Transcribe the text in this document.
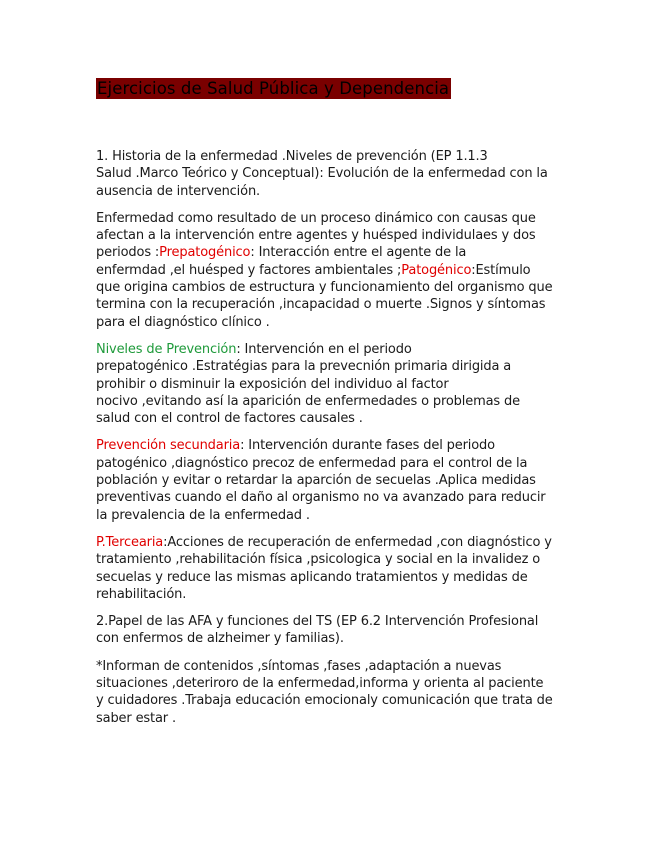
Ejercicios de Salud Pública y Dependencia
1. Historia de la enfermedad .Niveles de prevención (EP 1.1.3
Salud .Marco Teórico y Conceptual): Evolución de la enfermedad con la
ausencia de intervención.
Enfermedad como resultado de un proceso dinámico con causas que
afectan a la intervención entre agentes y huésped individulaes y dos
periodos :Prepatogénico: Interacción entre el agente de la
enfermdad ,el huésped y factores ambientales ;Patogénico:Estímulo
que origina cambios de estructura y funcionamiento del organismo que
termina con la recuperación ,incapacidad o muerte .Signos y síntomas
para el diagnóstico clínico .
Niveles de Prevención: Intervención en el periodo
prepatogénico .Estratégias para la prevecnión primaria dirigida a
prohibir o disminuir la exposición del individuo al factor
nocivo ,evitando así la aparición de enfermedades o problemas de
salud con el control de factores causales .
Prevención secundaria: Intervención durante fases del periodo
patogénico ,diagnóstico precoz de enfermedad para el control de la
población y evitar o retardar la aparción de secuelas .Aplica medidas
preventivas cuando el daño al organismo no va avanzado para reducir
la prevalencia de la enfermedad .
P.Tercearia:Acciones de recuperación de enfermedad ,con diagnóstico y
tratamiento ,rehabilitación física ,psicologica y social en la invalidez o
secuelas y reduce las mismas aplicando tratamientos y medidas de
rehabilitación.
2.Papel de las AFA y funciones del TS (EP 6.2 Intervención Profesional
con enfermos de alzheimer y familias).
*Informan de contenidos ,síntomas ,fases ,adaptación a nuevas
situaciones ,deteriroro de la enfermedad,informa y orienta al paciente
y cuidadores .Trabaja educación emocionaly comunicación que trata de
saber estar .
